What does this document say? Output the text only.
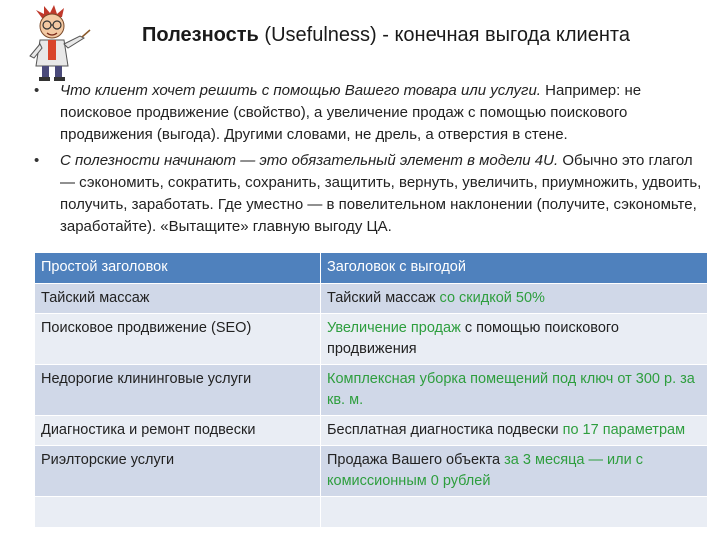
Полезность (Usefulness) - конечная выгода клиента
• Что клиент хочет решить с помощью Вашего товара или услуги. Например: не поисковое продвижение (свойство), а увеличение продаж с помощью поискового продвижения (выгода). Другими словами, не дрель, а отверстия в стене.
• С полезности начинают — это обязательный элемент в модели 4U. Обычно это глагол — сэкономить, сократить, сохранить, защитить, вернуть, увеличить, приумножить, удвоить, получить, заработать. Где уместно — в повелительном наклонении (получите, сэкономьте, заработайте). «Вытащите» главную выгоду ЦА.
Простой заголовок	Заголовок с выгодой
Тайский массаж	Тайский массаж со скидкой 50%
Поисковое продвижение (SEO)	Увеличение продаж с помощью поискового продвижения
Недорогие клининговые услуги	Комплексная уборка помещений под ключ от 300 р. за кв. м.
Диагностика и ремонт подвески	Бесплатная диагностика подвески по 17 параметрам
Риэлторские услуги	Продажа Вашего объекта за 3 месяца — или с комиссионным 0 рублей
